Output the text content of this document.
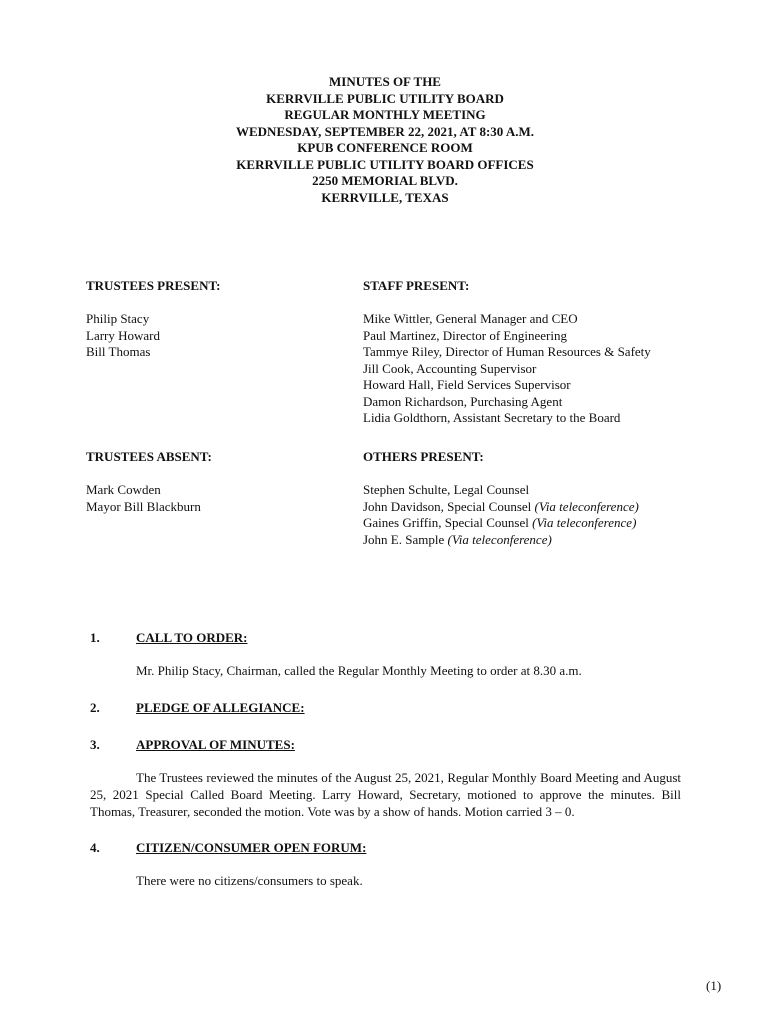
MINUTES OF THE
KERRVILLE PUBLIC UTILITY BOARD
REGULAR MONTHLY MEETING
WEDNESDAY, SEPTEMBER 22, 2021, AT 8:30 A.M.
KPUB CONFERENCE ROOM
KERRVILLE PUBLIC UTILITY BOARD OFFICES
2250 MEMORIAL BLVD.
KERRVILLE, TEXAS
TRUSTEES PRESENT:
Philip Stacy
Larry Howard
Bill Thomas
STAFF PRESENT:
Mike Wittler, General Manager and CEO
Paul Martinez, Director of Engineering
Tammye Riley, Director of Human Resources & Safety
Jill Cook, Accounting Supervisor
Howard Hall, Field Services Supervisor
Damon Richardson, Purchasing Agent
Lidia Goldthorn, Assistant Secretary to the Board
TRUSTEES ABSENT:
Mark Cowden
Mayor Bill Blackburn
OTHERS PRESENT:
Stephen Schulte, Legal Counsel
John Davidson, Special Counsel (Via teleconference)
Gaines Griffin, Special Counsel (Via teleconference)
John E. Sample (Via teleconference)
1.	CALL TO ORDER:
Mr. Philip Stacy, Chairman, called the Regular Monthly Meeting to order at 8.30 a.m.
2.	PLEDGE OF ALLEGIANCE:
3.	APPROVAL OF MINUTES:
The Trustees reviewed the minutes of the August 25, 2021, Regular Monthly Board Meeting and August 25, 2021 Special Called Board Meeting. Larry Howard, Secretary, motioned to approve the minutes. Bill Thomas, Treasurer, seconded the motion. Vote was by a show of hands. Motion carried 3 – 0.
4.	CITIZEN/CONSUMER OPEN FORUM:
There were no citizens/consumers to speak.
(1)
